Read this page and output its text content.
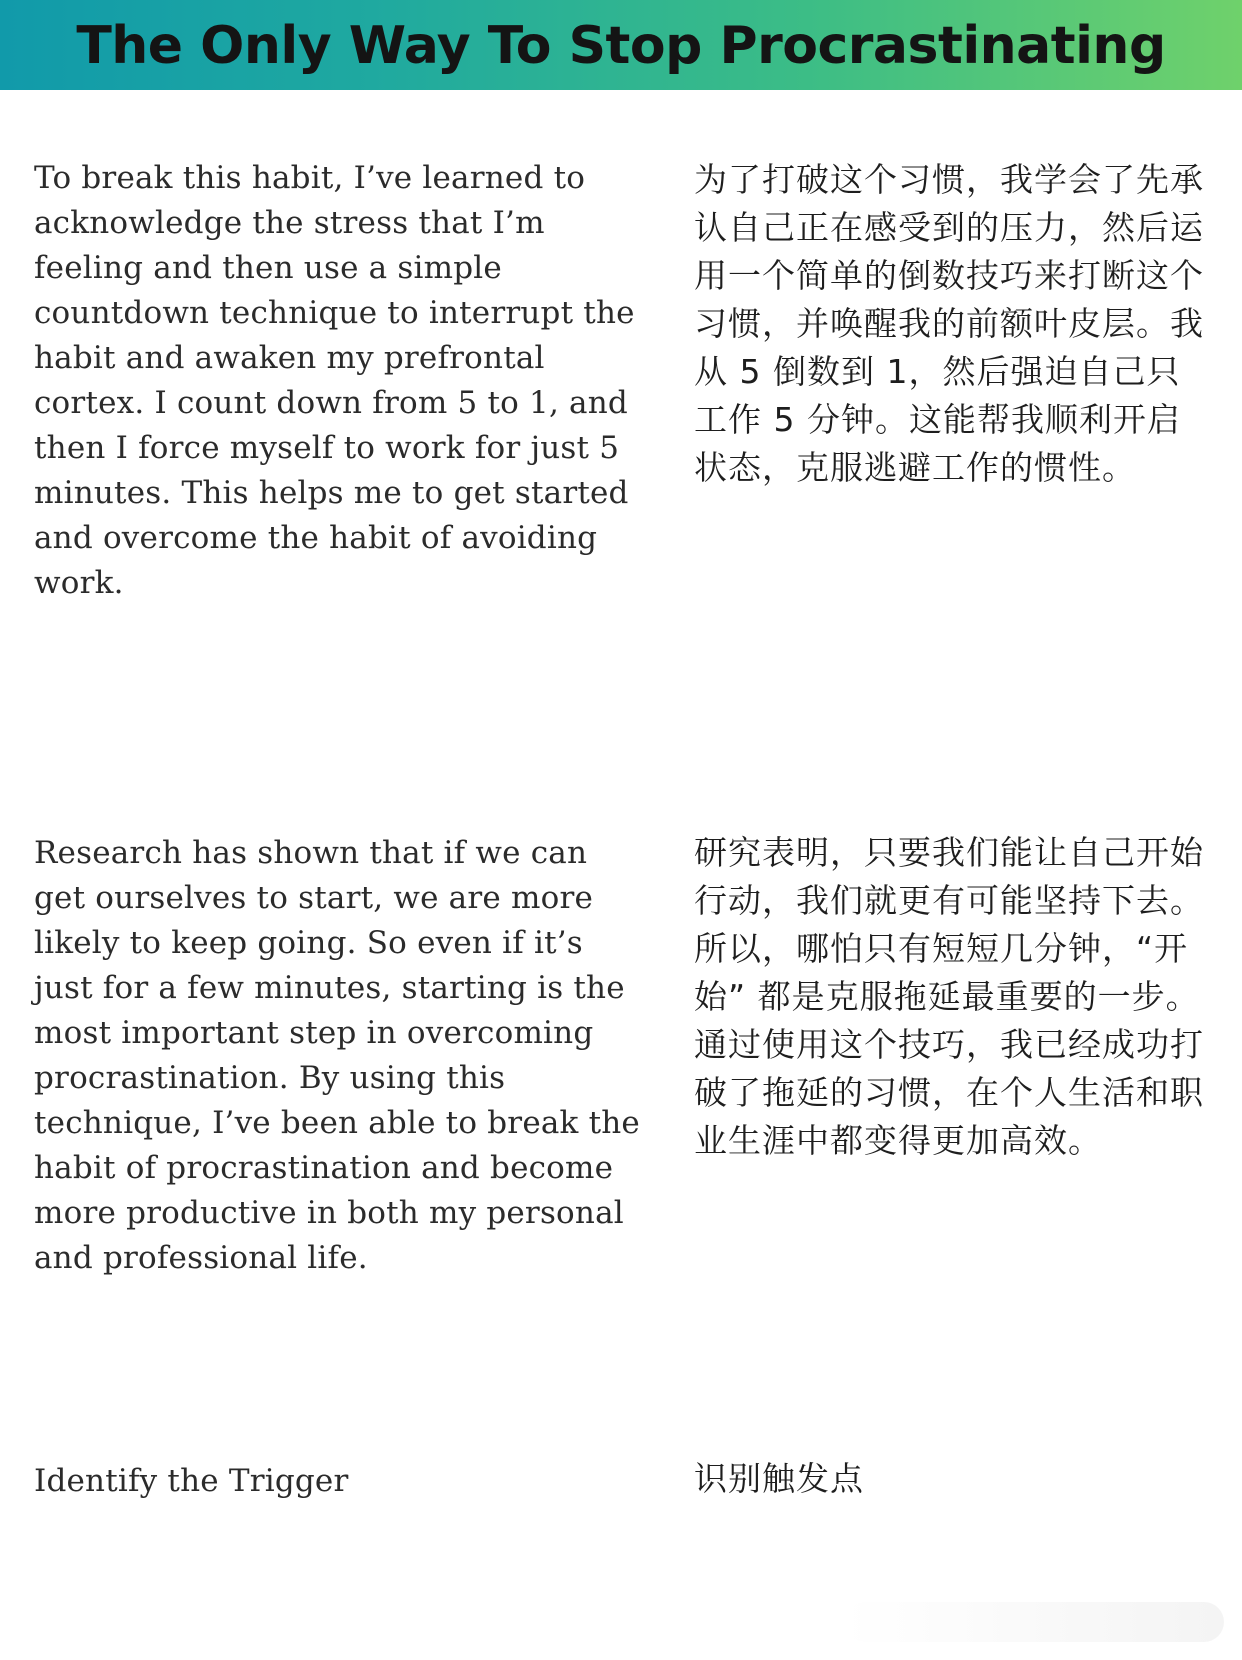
The Only Way To Stop Procrastinating

To break this habit, I’ve learned to acknowledge the stress that I’m feeling and then use a simple countdown technique to interrupt the habit and awaken my prefrontal cortex. I count down from 5 to 1, and then I force myself to work for just 5 minutes. This helps me to get started and overcome the habit of avoiding work.

为了打破这个习惯，我学会了先承认自己正在感受到的压力，然后运用一个简单的倒数技巧来打断这个习惯，并唤醒我的前额叶皮层。我从 5 倒数到 1，然后强迫自己只工作 5 分钟。这能帮我顺利开启状态，克服逃避工作的惯性。

Research has shown that if we can get ourselves to start, we are more likely to keep going. So even if it’s just for a few minutes, starting is the most important step in overcoming procrastination. By using this technique, I’ve been able to break the habit of procrastination and become more productive in both my personal and professional life.

研究表明，只要我们能让自己开始行动，我们就更有可能坚持下去。所以，哪怕只有短短几分钟，“开始” 都是克服拖延最重要的一步。通过使用这个技巧，我已经成功打破了拖延的习惯，在个人生活和职业生涯中都变得更加高效。

Identify the Trigger	识别触发点
